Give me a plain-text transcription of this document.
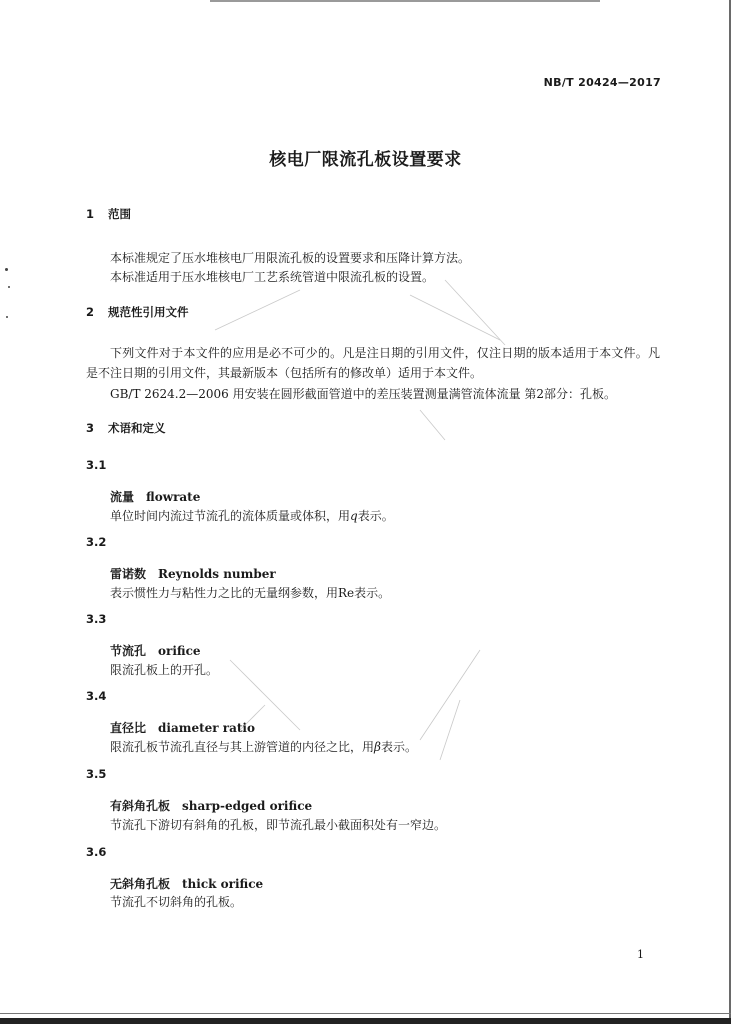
NB/T 20424—2017
核电厂限流孔板设置要求
1 范围
本标准规定了压水堆核电厂用限流孔板的设置要求和压降计算方法。
本标准适用于压水堆核电厂工艺系统管道中限流孔板的设置。
2 规范性引用文件
下列文件对于本文件的应用是必不可少的。凡是注日期的引用文件，仅注日期的版本适用于本文件。凡是不注日期的引用文件，其最新版本（包括所有的修改单）适用于本文件。
GB/T 2624.2—2006 用安装在圆形截面管道中的差压装置测量满管流体流量 第2部分：孔板。
3 术语和定义
3.1
流量 flowrate
单位时间内流过节流孔的流体质量或体积，用q表示。
3.2
雷诺数 Reynolds number
表示惯性力与粘性力之比的无量纲参数，用Re表示。
3.3
节流孔 orifice
限流孔板上的开孔。
3.4
直径比 diameter ratio
限流孔板节流孔直径与其上游管道的内径之比，用β表示。
3.5
有斜角孔板 sharp-edged orifice
节流孔下游切有斜角的孔板，即节流孔最小截面积处有一窄边。
3.6
无斜角孔板 thick orifice
节流孔不切斜角的孔板。
1
